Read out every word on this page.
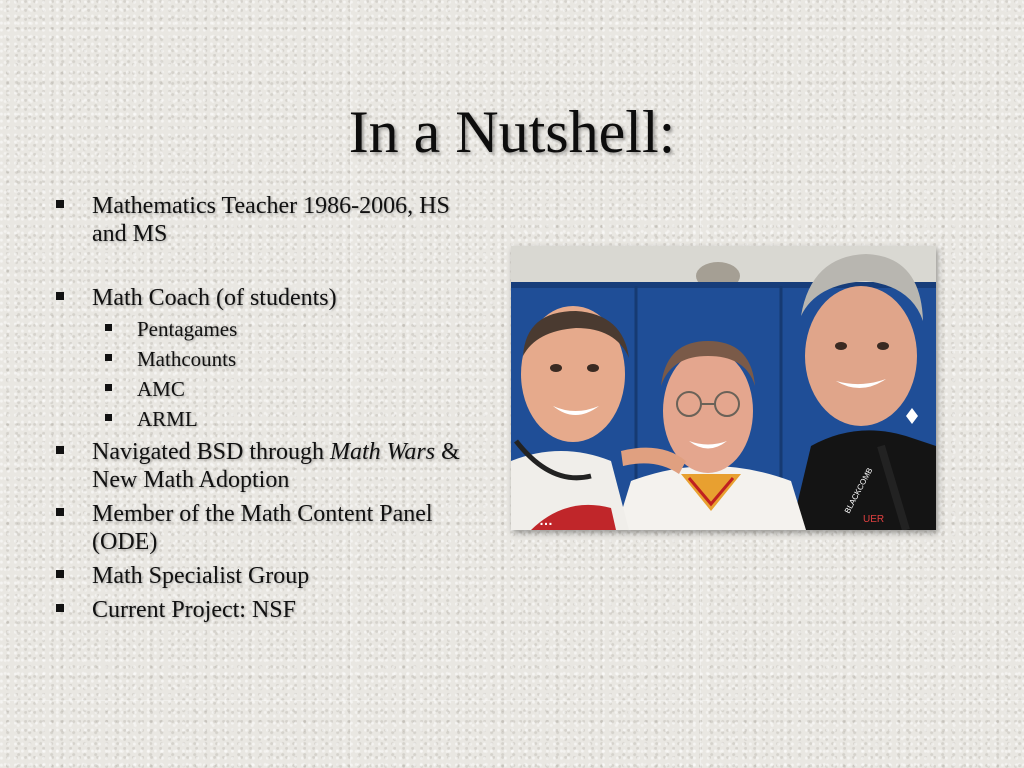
In a Nutshell:
Mathematics Teacher 1986-2006, HS and MS
Math Coach (of students)
Pentagames
Mathcounts
AMC
ARML
Navigated BSD through Math Wars & New Math Adoption
Member of the Math Content Panel (ODE)
Math Specialist Group
Current Project: NSF
UER
BLACKCOMB
…
